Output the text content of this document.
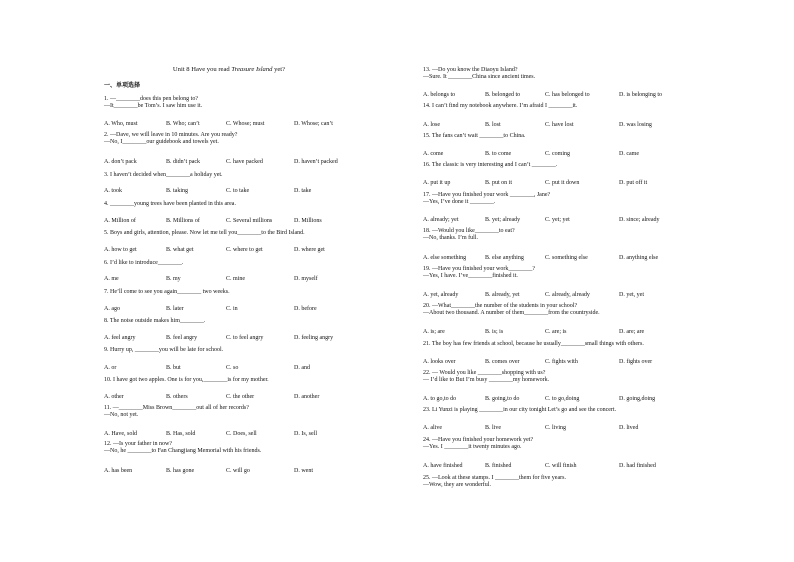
Unit 8 Have you read Treasure Island yet?
一、单项选择
1. —________does this pen belong to?
—It________be Tom’s. I saw him use it.
A. Who, must	B. Who; can’t	C. Whose; must	D. Whose; can’t
2. —Dave, we will leave in 10 minutes. Are you ready?
—No, I________our guidebook and towels yet.
A. don’t pack	B. didn’t pack	C. have packed	D. haven’t packed
3. I haven’t decided when________a holiday yet.
A. took	B. taking	C. to take	D. take
4. ________young trees have been planted in this area.
A. Million of	B. Millions of	C. Several millions	D. Millions
5. Boys and girls, attention, please. Now let me tell you________to the Bird Island.
A. how to get	B. what get	C. where to get	D. where get
6. I’d like to introduce________.
A. me	B. my	C. mine	D. myself
7. He’ll come to see you again________ two weeks.
A. ago	B. later	C. in	D. before
8. The noise outside makes him________.
A. feel angry	B. feel angry	C. to feel angry	D. feeling angry
9. Hurry up, ________you will be late for school.
A. or	B. but	C. so	D. and
10. I have got two apples. One is for you,________is for my mother.
A. other	B. others	C. the other	D. another
11. —________Miss Brown________out all of her records?
—No, not yet.
A. Have, sold	B. Has, sold	C. Does, sell	D. Is, sell
12. —Is your father in now?
—No, he ________to Fan Changjiang Memorial with his friends.
A. has been	B. has gone	C. will go	D. went
13. —Do you know the Diaoyu Island?
—Sure. It ________China since ancient times.
A. belongs to	B. belonged to	C. has belonged to	D. is belonging to
14. I can’t find my notebook anywhere. I’m afraid I ________it.
A. lose	B. lost	C. have lost	D. was losing
15. The fans can’t wait ________to China.
A. come	B. to come	C. coming	D. came
16. The classic is very interesting and I can’t ________.
A. put it up	B. put on it	C. put it down	D. put off it
17. —Have you finished your work ________, Jane?
—Yes, I’ve done it ________.
A. already; yet	B. yet; already	C. yet; yet	D. since; already
18. —Would you like________to eat?
—No, thanks. I’m full.
A. else something	B. else anything	C. something else	D. anything else
19. —Have you finished your work________?
—Yes, I have. I’ve________finished it.
A. yet, already	B. already, yet	C. already, already	D. yet, yet
20. —What________the number of the students in your school?
—About two thousand. A number of them________from the countryside.
A. is; are	B. is; is	C. are; is	D. are; are
21. The boy has few friends at school, because he usually________small things with others.
A. looks over	B. comes over	C. fights with	D. fights over
22. — Would you like ________shopping with us?
— I’d like to But I’m busy ________my homework.
A. to go,to do	B. going,to do	C. to go,doing	D. going,doing
23. Li Yunzi is playing ________in our city tonight Let’s go and see the concert.
A. alive	B. live	C. living	D. lived
24. —Have you finished your homework yet?
—Yes. I ________it twenty minutes ago.
A. have finished	B. finished	C. will finish	D. had finished
25. —Look at these stamps. I ________them for five years.
—Wow, they are wonderful.
